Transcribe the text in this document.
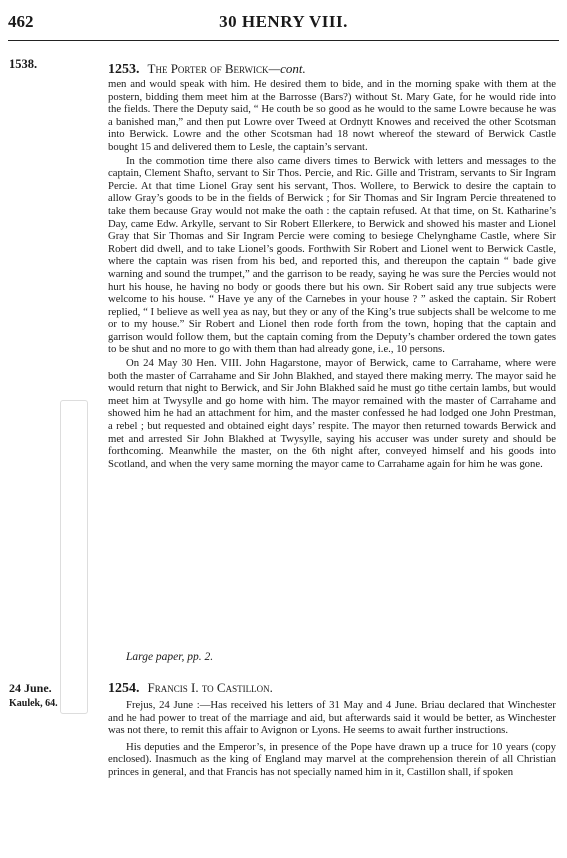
462	30 HENRY VIII.
1538.	1253. The Porter of Berwick—cont.

men and would speak with him. He desired them to bide, and in the morning spake with them at the postern, bidding them meet him at the Barrosse (Bars?) without St. Mary Gate, for he would ride into the fields. There the Deputy said, “ He couth be so good as he would to the same Lowre because he was a banished man,” and then put Lowre over Tweed at Ordnytt Knowes and received the other Scotsman into Berwick. Lowre and the other Scotsman had 18 nowt whereof the steward of Berwick Castle bought 15 and delivered them to Lesle, the captain’s servant.

In the commotion time there also came divers times to Berwick with letters and messages to the captain, Clement Shafto, servant to Sir Thos. Percie, and Ric. Gille and Tristram, servants to Sir Ingram Percie. At that time Lionel Gray sent his servant, Thos. Wollere, to Berwick to desire the captain to allow Gray’s goods to be in the fields of Berwick ; for Sir Thomas and Sir Ingram Percie threatened to take them because Gray would not make the oath : the captain refused. At that time, on St. Katharine’s Day, came Edw. Arkylle, servant to Sir Robert Ellerkere, to Berwick and showed his master and Lionel Gray that Sir Thomas and Sir Ingram Percie were coming to besiege Chelynghame Castle, where Sir Robert did dwell, and to take Lionel’s goods. Forthwith Sir Robert and Lionel went to Berwick Castle, where the captain was risen from his bed, and reported this, and thereupon the captain “ bade give warning and sound the trumpet,” and the garrison to be ready, saying he was sure the Percies would not hurt his house, he having no body or goods there but his own. Sir Robert said any true subjects were welcome to his house. “ Have ye any of the Carnebes in your house ? ” asked the captain. Sir Robert replied, “ I believe as well yea as nay, but they or any of the King’s true subjects shall be welcome to me or to my house.” Sir Robert and Lionel then rode forth from the town, hoping that the captain and garrison would follow them, but the captain coming from the Deputy’s chamber ordered the town gates to be shut and no more to go with them than had already gone, i.e., 10 persons.

On 24 May 30 Hen. VIII. John Hagarstone, mayor of Berwick, came to Carrahame, where were both the master of Carrahame and Sir John Blakhed, and stayed there making merry. The mayor said he would return that night to Berwick, and Sir John Blakhed said he must go tithe certain lambs, but would meet him at Twysylle and go home with him. The mayor remained with the master of Carrahame and showed him he had an attachment for him, and the master confessed he had lodged one John Prestman, a rebel ; but requested and obtained eight days’ respite. The mayor then returned towards Berwick and met and arrested Sir John Blakhed at Twysylle, saying his accuser was under surety and should be forthcoming. Meanwhile the master, on the 6th night after, conveyed himself and his goods into Scotland, and when the very same morning the mayor came to Carrahame again for him he was gone.

Large paper, pp. 2.
24 June.
Kaulek, 64.
1254. Francis I. to Castillon.

Frejus, 24 June :—Has received his letters of 31 May and 4 June. Briau declared that Winchester and he had power to treat of the marriage and aid, but afterwards said it would be better, as Winchester was not there, to remit this affair to Avignon or Lyons. He seems to await further instructions.

His deputies and the Emperor’s, in presence of the Pope have drawn up a truce for 10 years (copy enclosed). Inasmuch as the king of England may marvel at the comprehension therein of all Christian princes in general, and that Francis has not specially named him in it, Castillon shall, if spoken
